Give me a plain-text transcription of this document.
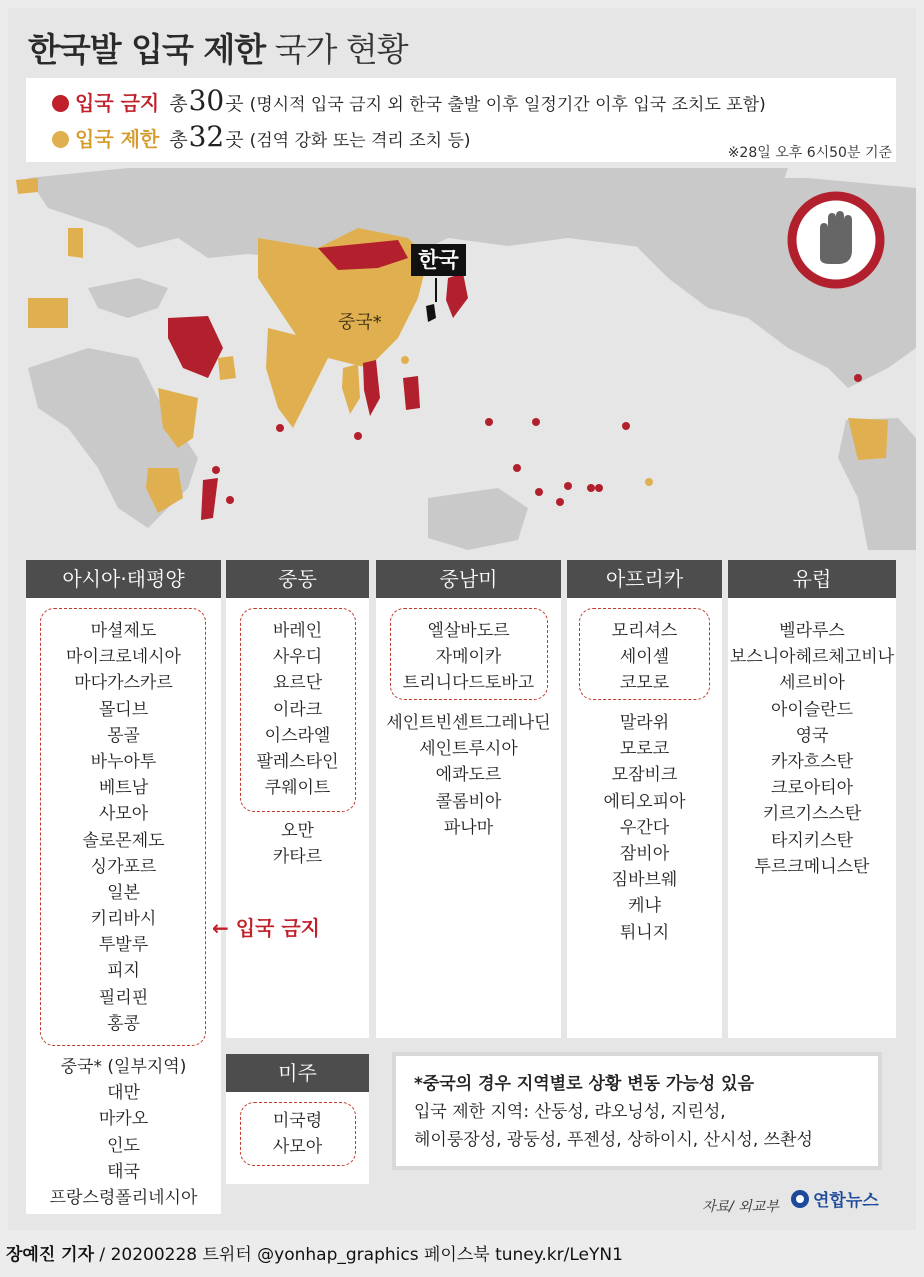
한국발 입국 제한 국가 현황
입국 금지 총 30 곳 (명시적 입국 금지 외 한국 출발 이후 일정기간 이후 입국 조치도 포함)
입국 제한 총 32 곳 (검역 강화 또는 격리 조치 등)
※28일 오후 6시50분 기준
한국
중국*
아시아·태평양
마셜제도
마이크로네시아
마다가스카르
몰디브
몽골
바누아투
베트남
사모아
솔로몬제도
싱가포르
일본
키리바시
투발루
피지
필리핀
홍콩
중국* (일부지역)
대만
마카오
인도
태국
프랑스령폴리네시아
중동
바레인
사우디
요르단
이라크
이스라엘
팔레스타인
쿠웨이트
오만
카타르
미주
미국령
사모아
중남미
엘살바도르
자메이카
트리니다드토바고
세인트빈센트그레나딘
세인트루시아
에콰도르
콜롬비아
파나마
아프리카
모리셔스
세이셸
코모로
말라위
모로코
모잠비크
에티오피아
우간다
잠비아
짐바브웨
케냐
튀니지
유럽
벨라루스
보스니아헤르체고비나
세르비아
아이슬란드
영국
카자흐스탄
크로아티아
키르기스스탄
타지키스탄
투르크메니스탄
← 입국 금지
*중국의 경우 지역별로 상황 변동 가능성 있음
입국 제한 지역: 산둥성, 랴오닝성, 지린성,
헤이룽장성, 광둥성, 푸젠성, 상하이시, 산시성, 쓰촨성
자료/ 외교부 연합뉴스
장예진 기자 / 20200228 트위터 @yonhap_graphics 페이스북 tuney.kr/LeYN1
